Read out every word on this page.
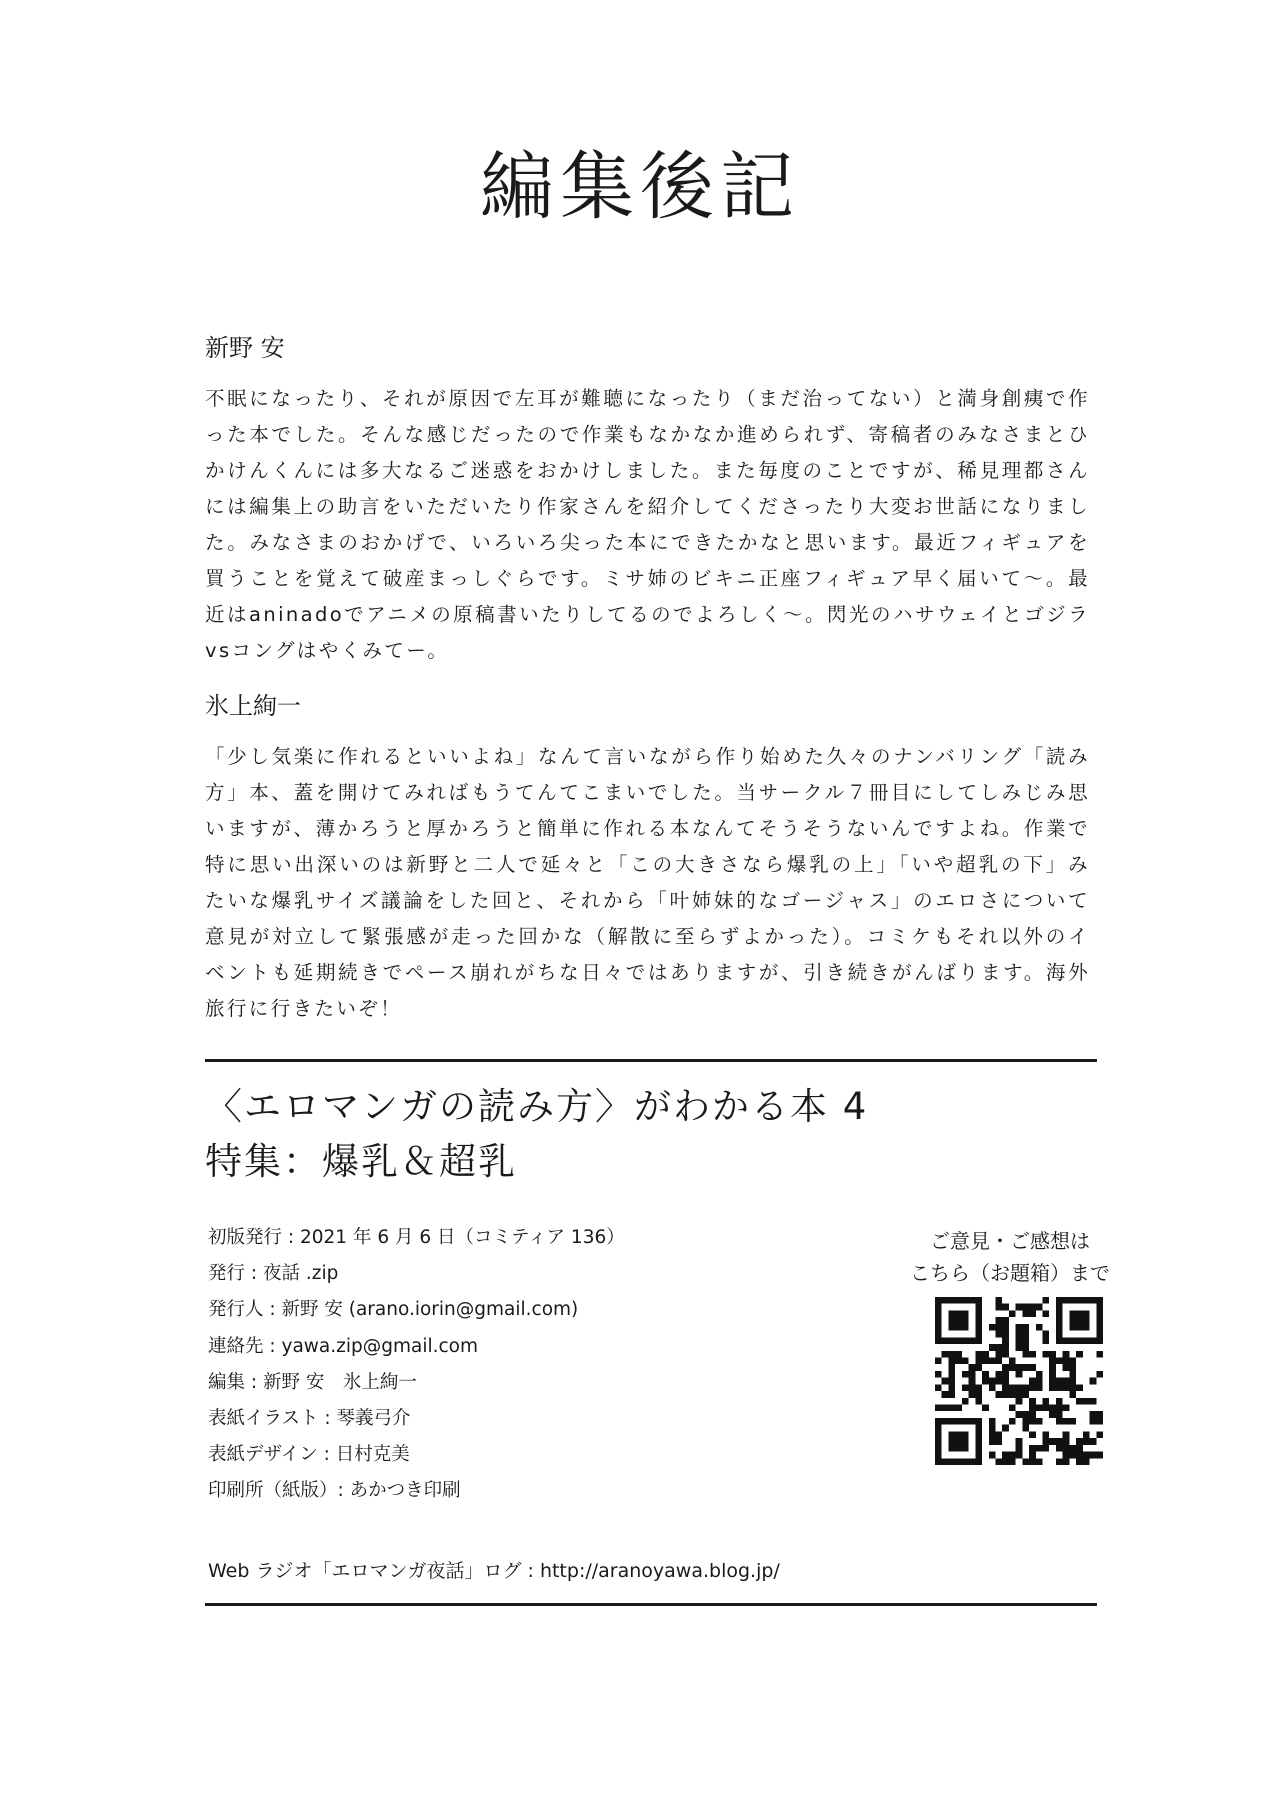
編集後記

新野 安

不眠になったり、それが原因で左耳が難聴になったり（まだ治ってない）と満身創痍で作った本でした。そんな感じだったので作業もなかなか進められず、寄稿者のみなさまとひかけんくんには多大なるご迷惑をおかけしました。また毎度のことですが、稀見理都さんには編集上の助言をいただいたり作家さんを紹介してくださったり大変お世話になりました。みなさまのおかげで、いろいろ尖った本にできたかなと思います。最近フィギュアを買うことを覚えて破産まっしぐらです。ミサ姉のビキニ正座フィギュア早く届いて〜。最近はaninadoでアニメの原稿書いたりしてるのでよろしく〜。閃光のハサウェイとゴジラvsコングはやくみてー。

氷上絢一

「少し気楽に作れるといいよね」なんて言いながら作り始めた久々のナンバリング「読み方」本、蓋を開けてみればもうてんてこまいでした。当サークル７冊目にしてしみじみ思いますが、薄かろうと厚かろうと簡単に作れる本なんてそうそうないんですよね。作業で特に思い出深いのは新野と二人で延々と「この大きさなら爆乳の上」「いや超乳の下」みたいな爆乳サイズ議論をした回と、それから「叶姉妹的なゴージャス」のエロさについて意見が対立して緊張感が走った回かな（解散に至らずよかった）。コミケもそれ以外のイベントも延期続きでペース崩れがちな日々ではありますが、引き続きがんばります。海外旅行に行きたいぞ！

〈エロマンガの読み方〉がわかる本 4
特集：爆乳＆超乳

初版発行 : 2021 年 6 月 6 日（コミティア 136）

発行 : 夜話 .zip

発行人 : 新野 安 (arano.iorin@gmail.com)

連絡先 : yawa.zip@gmail.com

編集 : 新野 安　氷上絢一

表紙イラスト : 琴義弓介

表紙デザイン : 日村克美

印刷所（紙版）: あかつき印刷

Web ラジオ「エロマンガ夜話」ログ : http://aranoyawa.blog.jp/

ご意見・ご感想は

こちら（お題箱）まで
